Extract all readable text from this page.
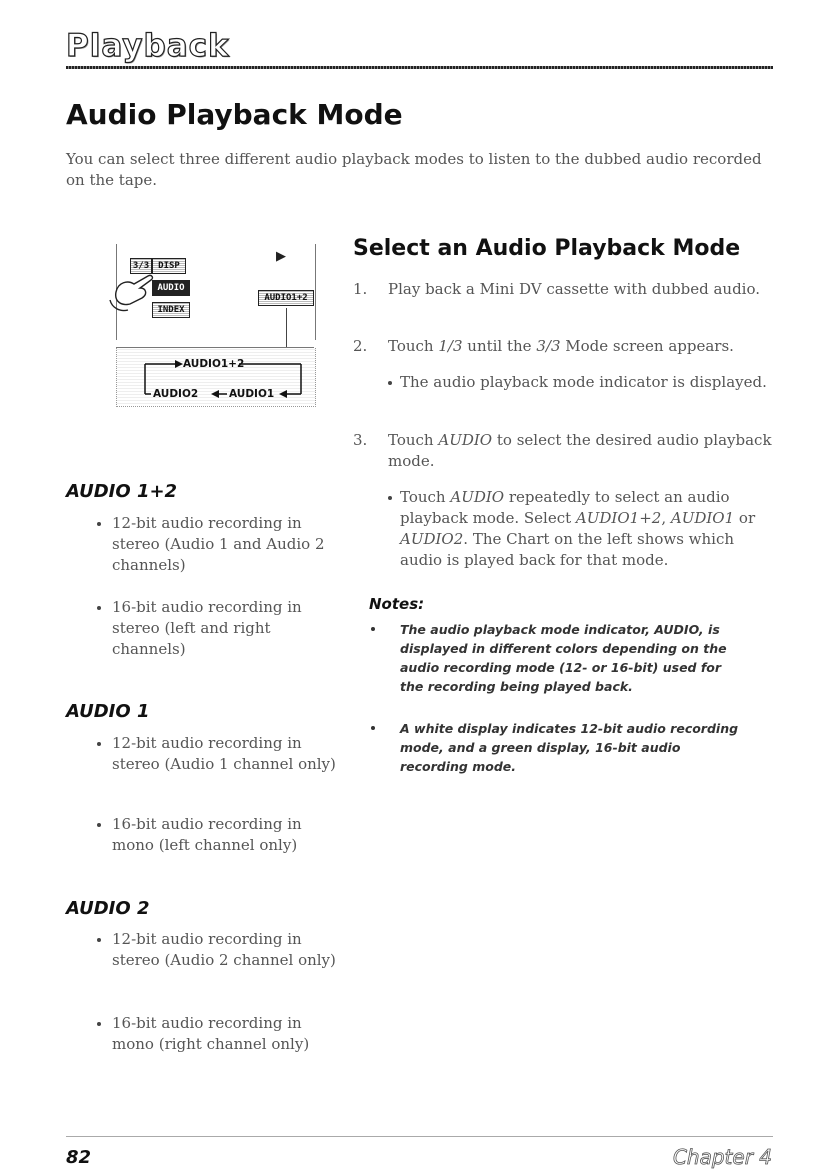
Playback
Audio Playback Mode

You can select three different audio playback modes to listen to the dubbed audio recorded on the tape.

3/3	DISP
AUDIO
INDEX
AUDIO1+2
▶
AUDIO1+2
AUDIO2	AUDIO1
AUDIO 1+2

12-bit audio recording in stereo (Audio 1 and Audio 2 channels)

16-bit audio recording in stereo (left and right channels)

AUDIO 1

12-bit audio recording in stereo (Audio 1 channel only)

16-bit audio recording in mono (left channel only)

AUDIO 2

12-bit audio recording in stereo (Audio 2 channel only)

16-bit audio recording in mono (right channel only)

Select an Audio Playback Mode
1. Play back a Mini DV cassette with dubbed audio.
2. Touch 1/3 until the 3/3 Mode screen appears.

The audio playback mode indicator is displayed.

3. Touch AUDIO to select the desired audio playback mode.

Touch AUDIO repeatedly to select an audio playback mode. Select AUDIO1+2, AUDIO1 or AUDIO2. The Chart on the left shows which audio is played back for that mode.

Notes:

The audio playback mode indicator, AUDIO, is displayed in different colors depending on the audio recording mode (12- or 16-bit) used for the recording being played back.

A white display indicates 12-bit audio recording mode, and a green display, 16-bit audio recording mode.

82	Chapter 4
